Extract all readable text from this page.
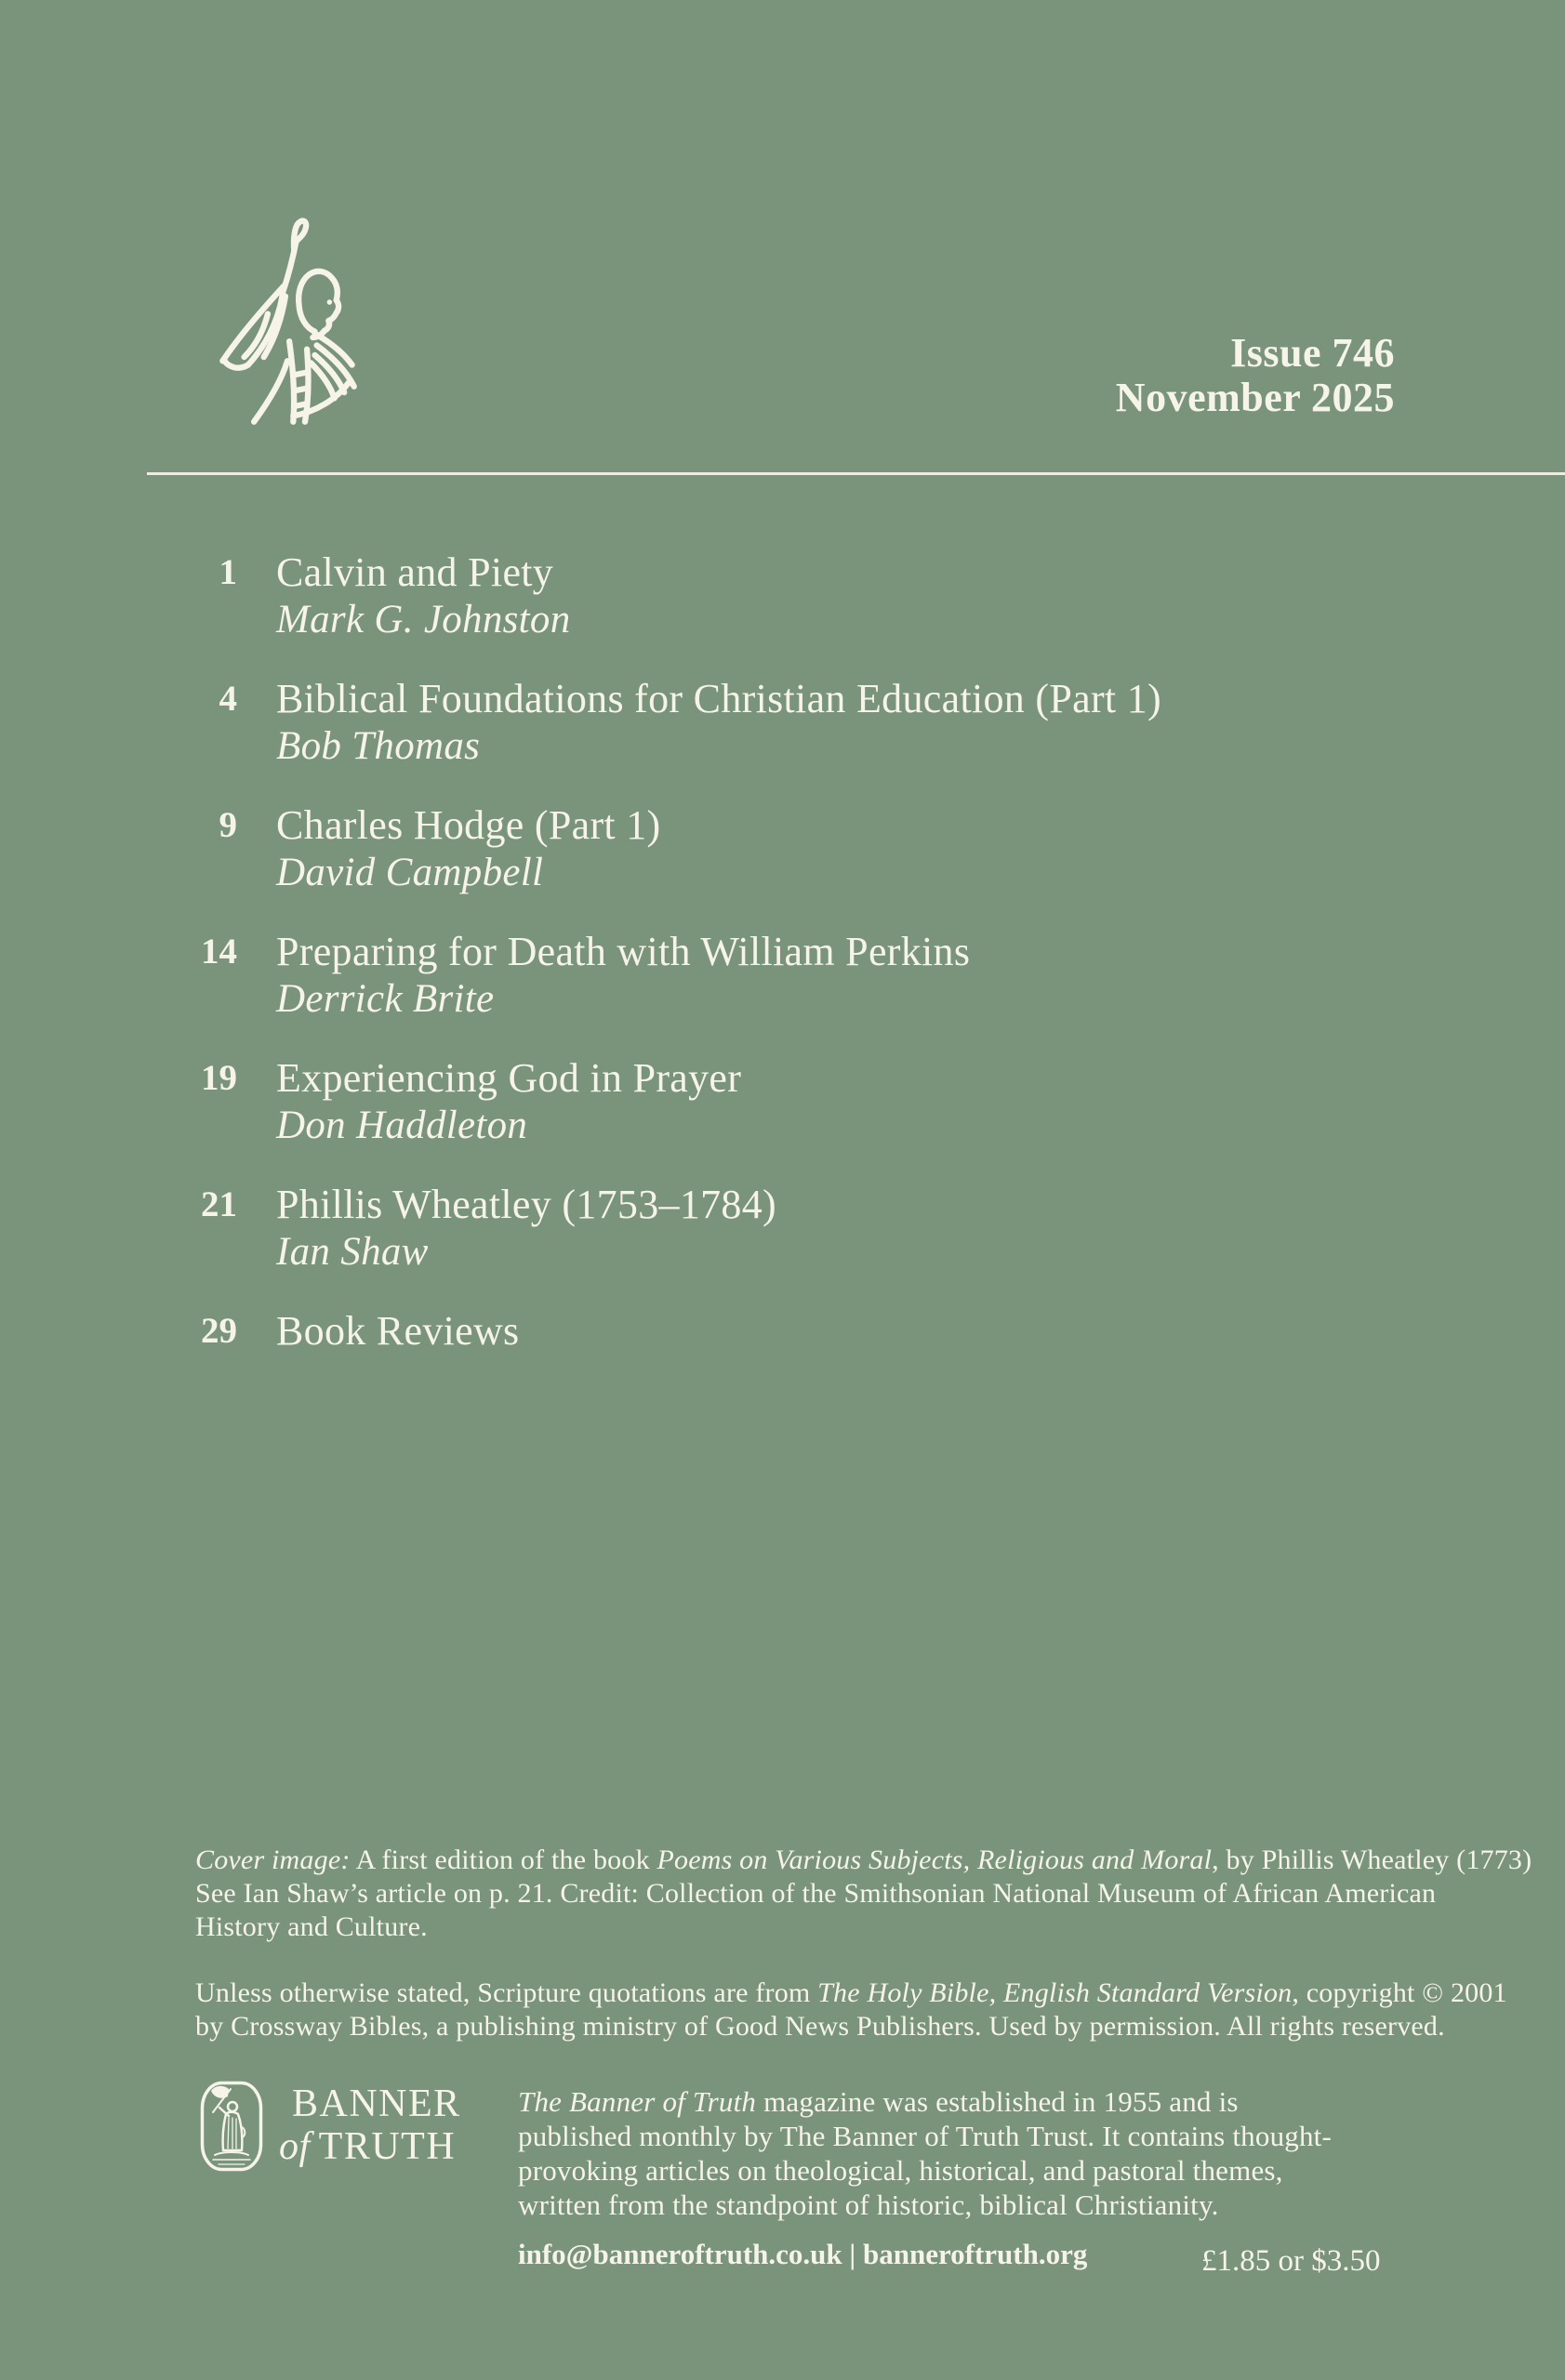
Issue 746
November 2025
1 Calvin and Piety
Mark G. Johnston
4 Biblical Foundations for Christian Education (Part 1)
Bob Thomas
9 Charles Hodge (Part 1)
David Campbell
14 Preparing for Death with William Perkins
Derrick Brite
19 Experiencing God in Prayer
Don Haddleton
21 Phillis Wheatley (1753–1784)
Ian Shaw
29 Book Reviews
Cover image: A first edition of the book Poems on Various Subjects, Religious and Moral, by Phillis Wheatley (1773)
See Ian Shaw’s article on p. 21. Credit: Collection of the Smithsonian National Museum of African American
History and Culture.
Unless otherwise stated, Scripture quotations are from The Holy Bible, English Standard Version, copyright © 2001
by Crossway Bibles, a publishing ministry of Good News Publishers. Used by permission. All rights reserved.
BANNER
of TRUTH
The Banner of Truth magazine was established in 1955 and is
published monthly by The Banner of Truth Trust. It contains thought-
provoking articles on theological, historical, and pastoral themes,
written from the standpoint of historic, biblical Christianity.
info@banneroftruth.co.uk | banneroftruth.org	£1.85 or $3.50
